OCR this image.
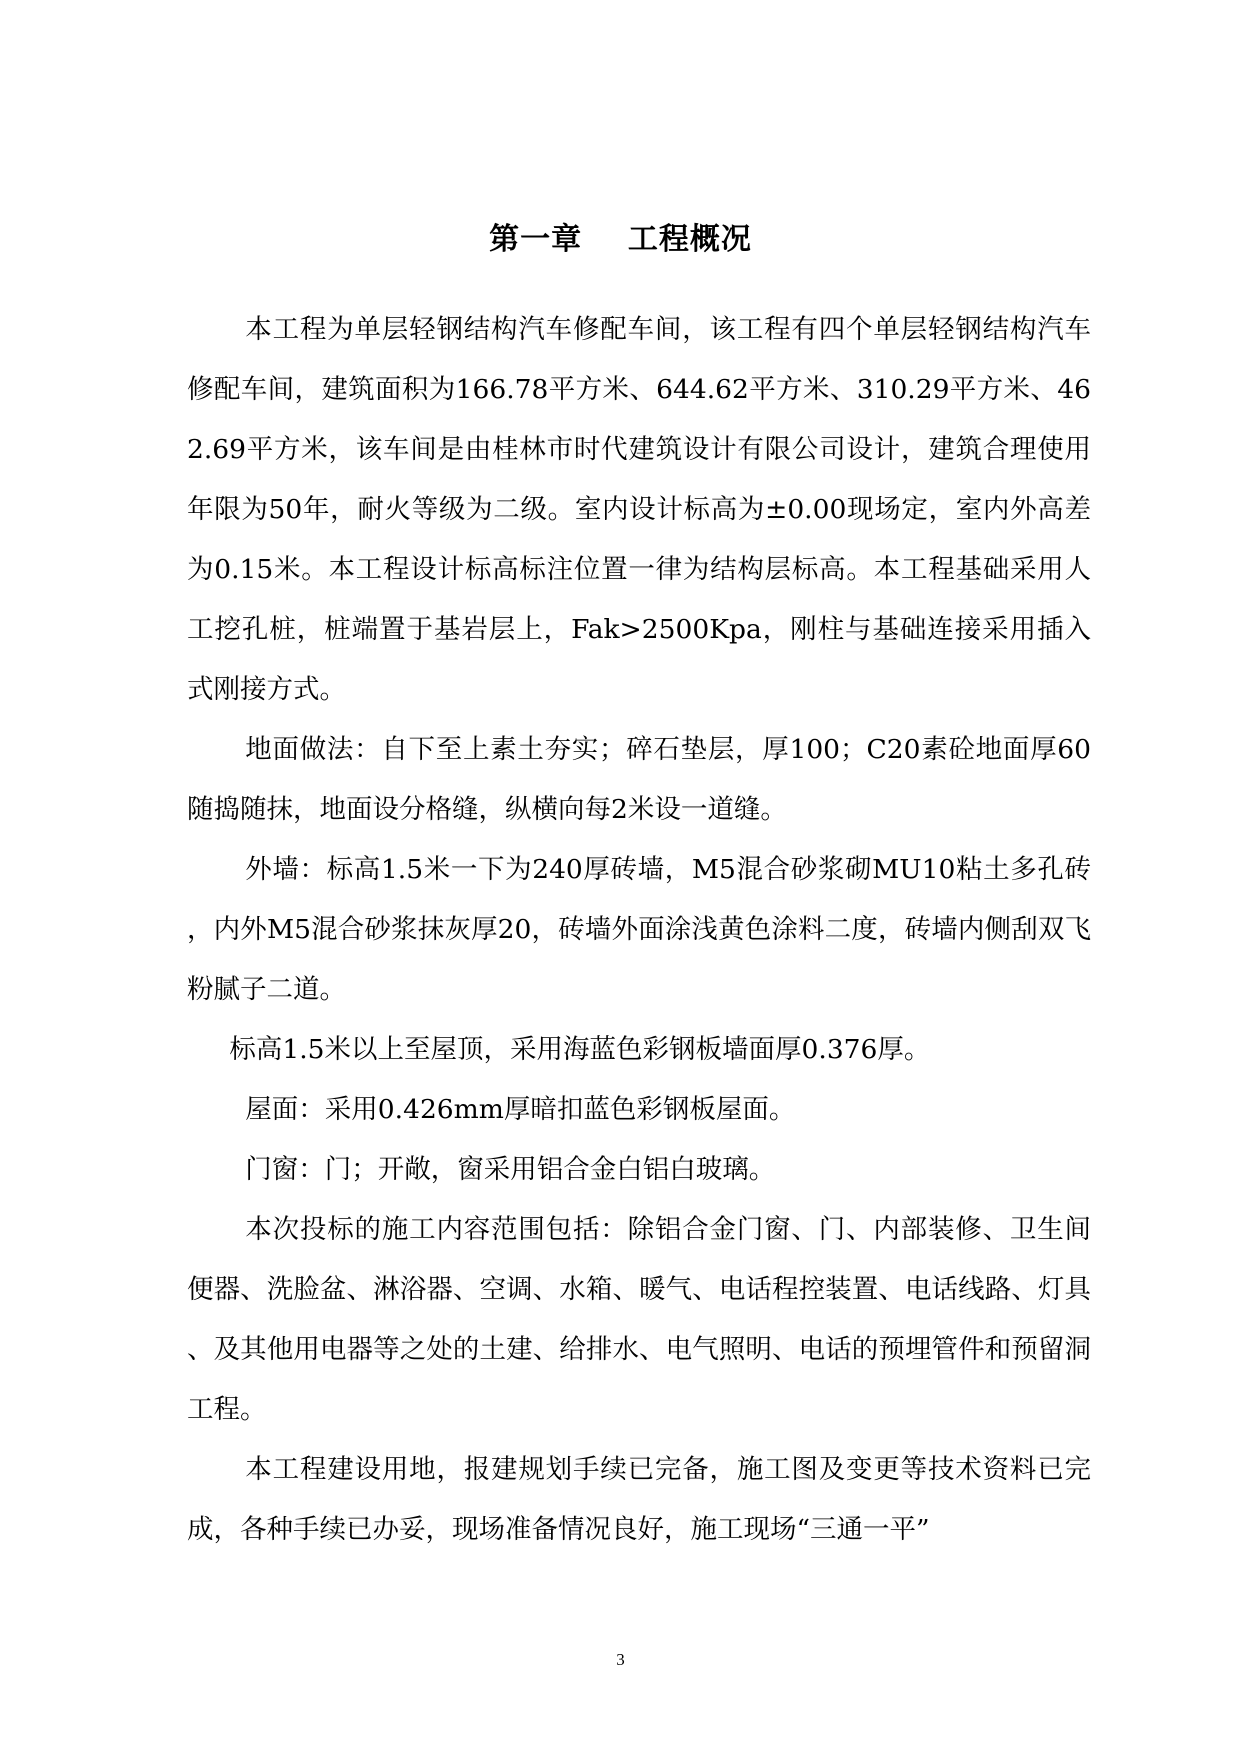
第一章    工程概况

本工程为单层轻钢结构汽车修配车间，该工程有四个单层轻钢结构汽车修配车间，建筑面积为166.78平方米、644.62平方米、310.29平方米、462.69平方米，该车间是由桂林市时代建筑设计有限公司设计，建筑合理使用年限为50年，耐火等级为二级。室内设计标高为±0.00现场定，室内外高差为0.15米。本工程设计标高标注位置一律为结构层标高。本工程基础采用人工挖孔桩，桩端置于基岩层上，Fak>2500Kpa，刚柱与基础连接采用插入式刚接方式。

地面做法：自下至上素土夯实；碎石垫层，厚100；C20素砼地面厚60随捣随抹，地面设分格缝，纵横向每2米设一道缝。

外墙：标高1.5米一下为240厚砖墙，M5混合砂浆砌MU10粘土多孔砖，内外M5混合砂浆抹灰厚20，砖墙外面涂浅黄色涂料二度，砖墙内侧刮双飞粉腻子二道。

标高1.5米以上至屋顶，采用海蓝色彩钢板墙面厚0.376厚。

屋面：采用0.426mm厚暗扣蓝色彩钢板屋面。

门窗：门；开敞，窗采用铝合金白铝白玻璃。

本次投标的施工内容范围包括：除铝合金门窗、门、内部装修、卫生间便器、洗脸盆、淋浴器、空调、水箱、暖气、电话程控装置、电话线路、灯具、及其他用电器等之处的土建、给排水、电气照明、电话的预埋管件和预留洞工程。

本工程建设用地，报建规划手续已完备，施工图及变更等技术资料已完成，各种手续已办妥，现场准备情况良好，施工现场“三通一平”

3
